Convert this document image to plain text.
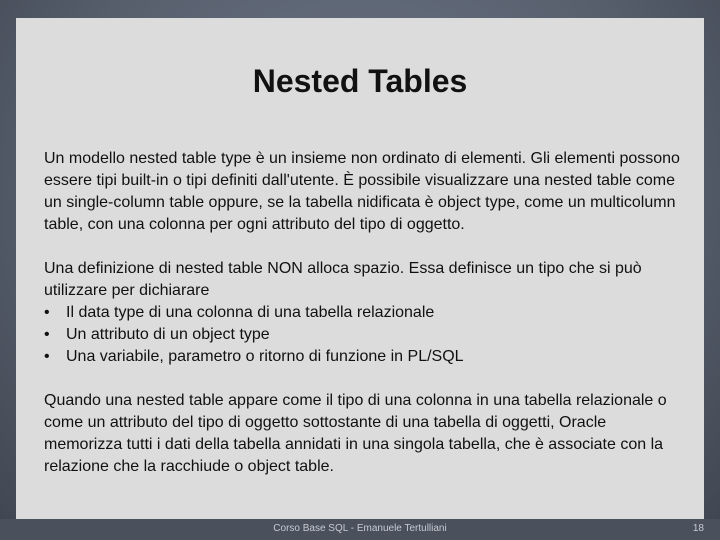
Nested Tables

Un modello nested table type è un insieme non ordinato di elementi. Gli elementi possono essere tipi built-in o tipi definiti dall'utente. È possibile visualizzare una nested table come un single-column table oppure, se la tabella nidificata è object type, come un multicolumn table, con una colonna per ogni attributo del tipo di oggetto.

Una definizione di nested table NON alloca spazio. Essa definisce un tipo che si può utilizzare per dichiarare

• Il data type di una colonna di una tabella relazionale
• Un attributo di un object type
• Una variabile, parametro o ritorno di funzione in PL/SQL

Quando una nested table appare come il tipo di una colonna in una tabella relazionale o come un attributo del tipo di oggetto sottostante di una tabella di oggetti, Oracle memorizza tutti i dati della tabella annidati in una singola tabella, che è associate con la relazione che la racchiude o object table.

Corso Base SQL - Emanuele Tertulliani	18
